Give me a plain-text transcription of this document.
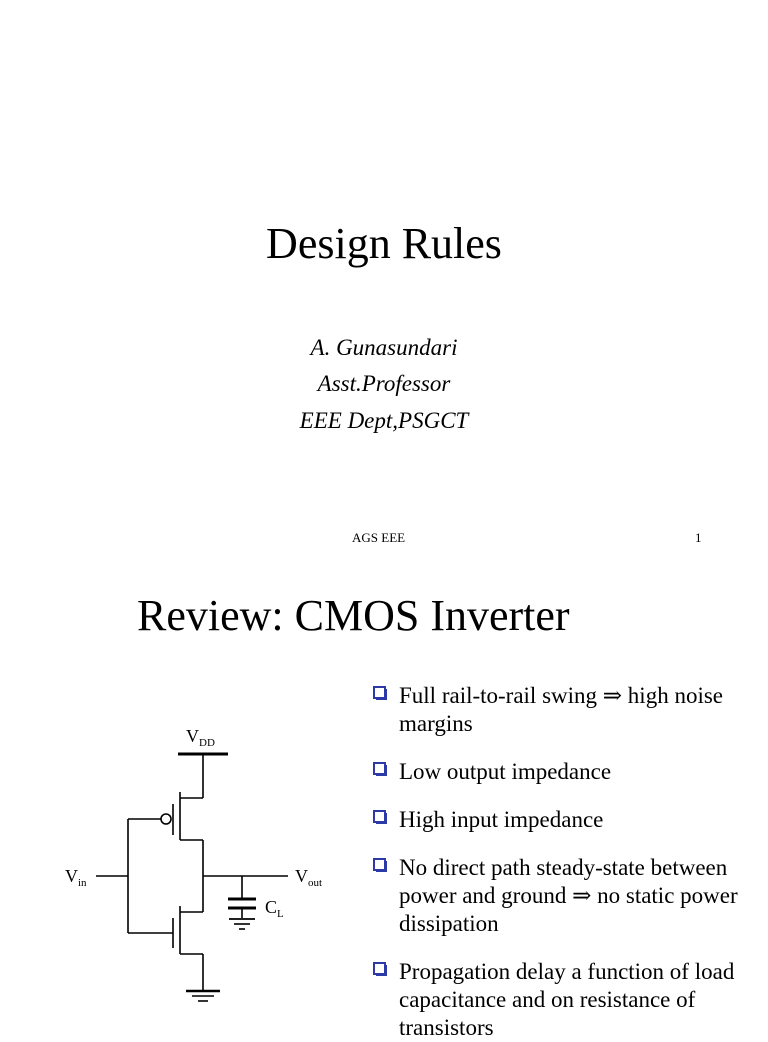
Design Rules
A. Gunasundari
Asst.Professor
EEE Dept,PSGCT
AGS EEE	1
Review: CMOS Inverter
$V_{DD}$
$V_{in}$	$V_{out}$
$C_L$
Full rail-to-rail swing ⇒ high noise margins
Low output impedance
High input impedance
No direct path steady-state between power and ground ⇒ no static power dissipation
Propagation delay a function of load capacitance and on resistance of transistors
